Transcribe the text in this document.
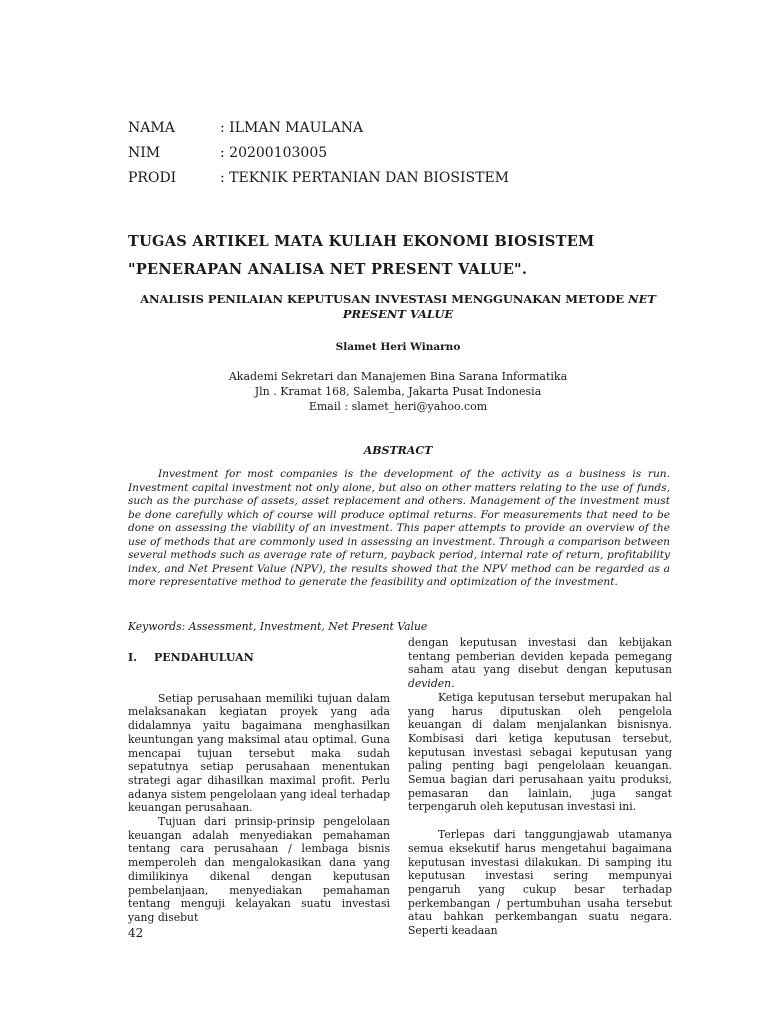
NAMA	: ILMAN MAULANA
NIM	: 20200103005
PRODI	: TEKNIK PERTANIAN DAN BIOSISTEM
TUGAS ARTIKEL MATA KULIAH EKONOMI BIOSISTEM "PENERAPAN ANALISA NET PRESENT VALUE".
ANALISIS PENILAIAN KEPUTUSAN INVESTASI MENGGUNAKAN METODE NET PRESENT VALUE
Slamet Heri Winarno
Akademi Sekretari dan Manajemen Bina Sarana Informatika
Jln . Kramat 168, Salemba, Jakarta Pusat Indonesia
Email : slamet_heri@yahoo.com
ABSTRACT
Investment for most companies is the development of the activity as a business is run. Investment capital investment not only alone, but also on other matters relating to the use of funds, such as the purchase of assets, asset replacement and others. Management of the investment must be done carefully which of course will produce optimal returns. For measurements that need to be done on assessing the viability of an investment. This paper attempts to provide an overview of the use of methods that are commonly used in assessing an investment. Through a comparison between several methods such as average rate of return, payback period, internal rate of return, profitability index, and Net Present Value (NPV), the results showed that the NPV method can be regarded as a more representative method to generate the feasibility and optimization of the investment.
Keywords: Assessment, Investment, Net Present Value
I. PENDAHULUAN

Setiap perusahaan memiliki tujuan dalam melaksanakan kegiatan proyek yang ada didalamnya yaitu bagaimana menghasilkan keuntungan yang maksimal atau optimal. Guna mencapai tujuan tersebut maka sudah sepatutnya setiap perusahaan menentukan strategi agar dihasilkan maximal profit. Perlu adanya sistem pengelolaan yang ideal terhadap keuangan perusahaan.

Tujuan dari prinsip-prinsip pengelolaan keuangan adalah menyediakan pemahaman tentang cara perusahaan / lembaga bisnis memperoleh dan mengalokasikan dana yang dimilikinya dikenal dengan keputusan pembelanjaan, menyediakan pemahaman tentang menguji kelayakan suatu investasi yang disebut

dengan keputusan investasi dan kebijakan tentang pemberian deviden kepada pemegang saham atau yang disebut dengan keputusan deviden.

Ketiga keputusan tersebut merupakan hal yang harus diputuskan oleh pengelola keuangan di dalam menjalankan bisnisnya. Kombisasi dari ketiga keputusan tersebut, keputusan investasi sebagai keputusan yang paling penting bagi pengelolaan keuangan. Semua bagian dari perusahaan yaitu produksi, pemasaran dan lainlain, juga sangat terpengaruh oleh keputusan investasi ini.

Terlepas dari tanggungjawab utamanya semua eksekutif harus mengetahui bagaimana keputusan investasi dilakukan. Di samping itu keputusan investasi sering mempunyai pengaruh yang cukup besar terhadap perkembangan / pertumbuhan usaha tersebut atau bahkan perkembangan suatu negara. Seperti keadaan

42
